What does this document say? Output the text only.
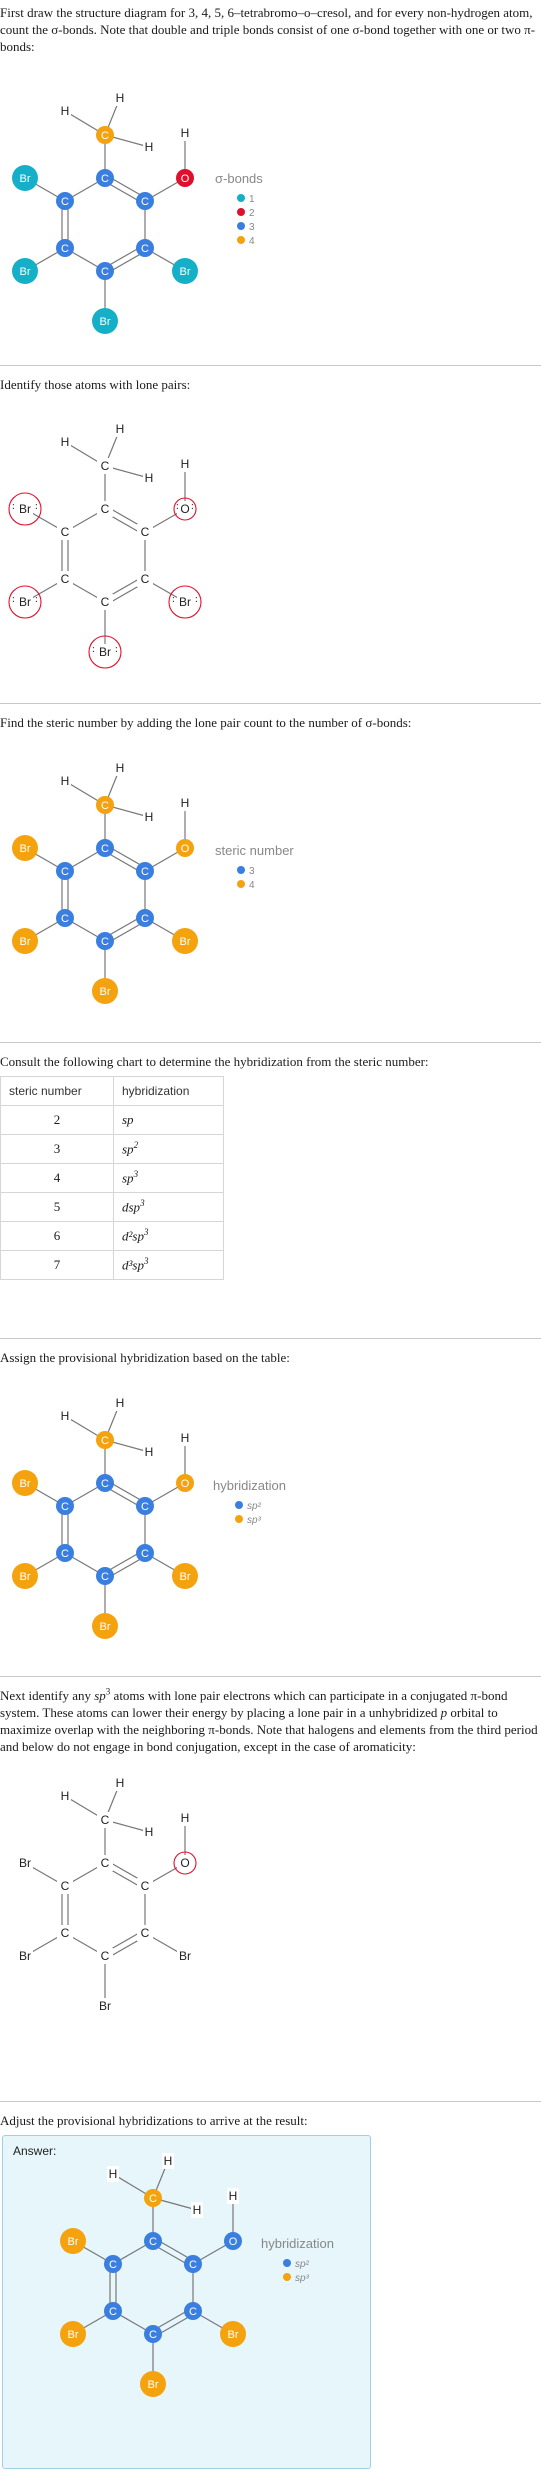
First draw the structure diagram for 3, 4, 5, 6–tetrabromo–o–cresol, and for every non-hydrogen atom, count the σ-bonds. Note that double and triple bonds consist of one σ-bond together with one or two π-bonds:

C
C
C
C
C
C
C
O
H
H
H
H
Br
Br
Br
Br
σ-bonds
1
2
3
4

Identify those atoms with lone pairs:

C
C
C
C
C
C
C
O
: :
H
H
H
H
Br
: :
Br
: :
Br
: :
Br
: :

Find the steric number by adding the lone pair count to the number of σ-bonds:

C
C
C
C
C
C
C
O
H
H
H
H
Br
Br
Br
Br
steric number
3
4

Consult the following chart to determine the hybridization from the steric number:

steric number	hybridization
2	sp
3	$sp^2$
4	$sp^3$
5	dsp$^3$
6	$d^2sp^3$
7	$d^3sp^3$

Assign the provisional hybridization based on the table:

C
C
C
C
C
C
C
O
H
H
H
H
Br
Br
Br
Br
hybridization
sp²
sp³

Next identify any $sp^3$ atoms with lone pair electrons which can participate in a conjugated π-bond system. These atoms can lower their energy by placing a lone pair in a unhybridized p orbital to maximize overlap with the neighboring π-bonds. Note that halogens and elements from the third period and below do not engage in bond conjugation, except in the case of aromaticity:

C
C
C
C
C
C
C
O
H
H
H
H
Br
Br
Br
Br

Adjust the provisional hybridizations to arrive at the result:

Answer:
C
C
C
C
C
C
C
O
H
H
H
H
Br
Br
Br
Br
hybridization
sp²
sp³
